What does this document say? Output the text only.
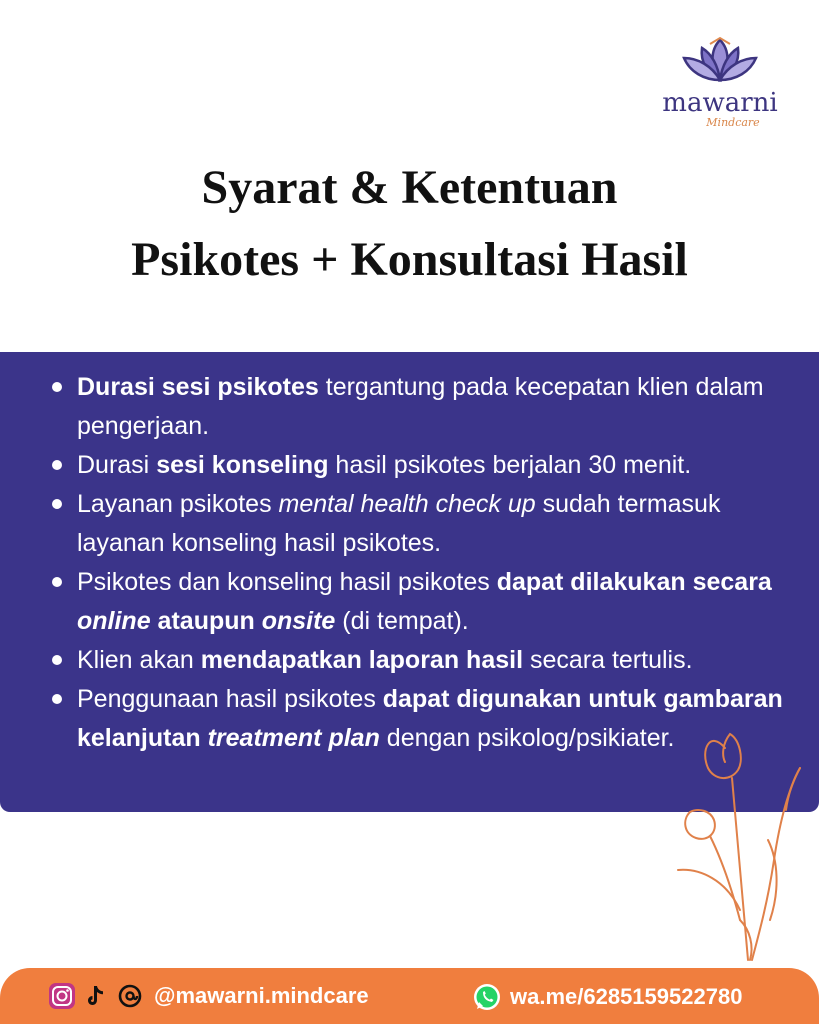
mawarni
Mindcare
Syarat & Ketentuan
Psikotes + Konsultasi Hasil
Durasi sesi psikotes tergantung pada kecepatan klien dalam pengerjaan.
Durasi sesi konseling hasil psikotes berjalan 30 menit.
Layanan psikotes mental health check up sudah termasuk layanan konseling hasil psikotes.
Psikotes dan konseling hasil psikotes dapat dilakukan secara online ataupun onsite (di tempat).
Klien akan mendapatkan laporan hasil secara tertulis.
Penggunaan hasil psikotes dapat digunakan untuk gambaran kelanjutan treatment plan dengan psikolog/psikiater.
@mawarni.mindcare	wa.me/6285159522780
